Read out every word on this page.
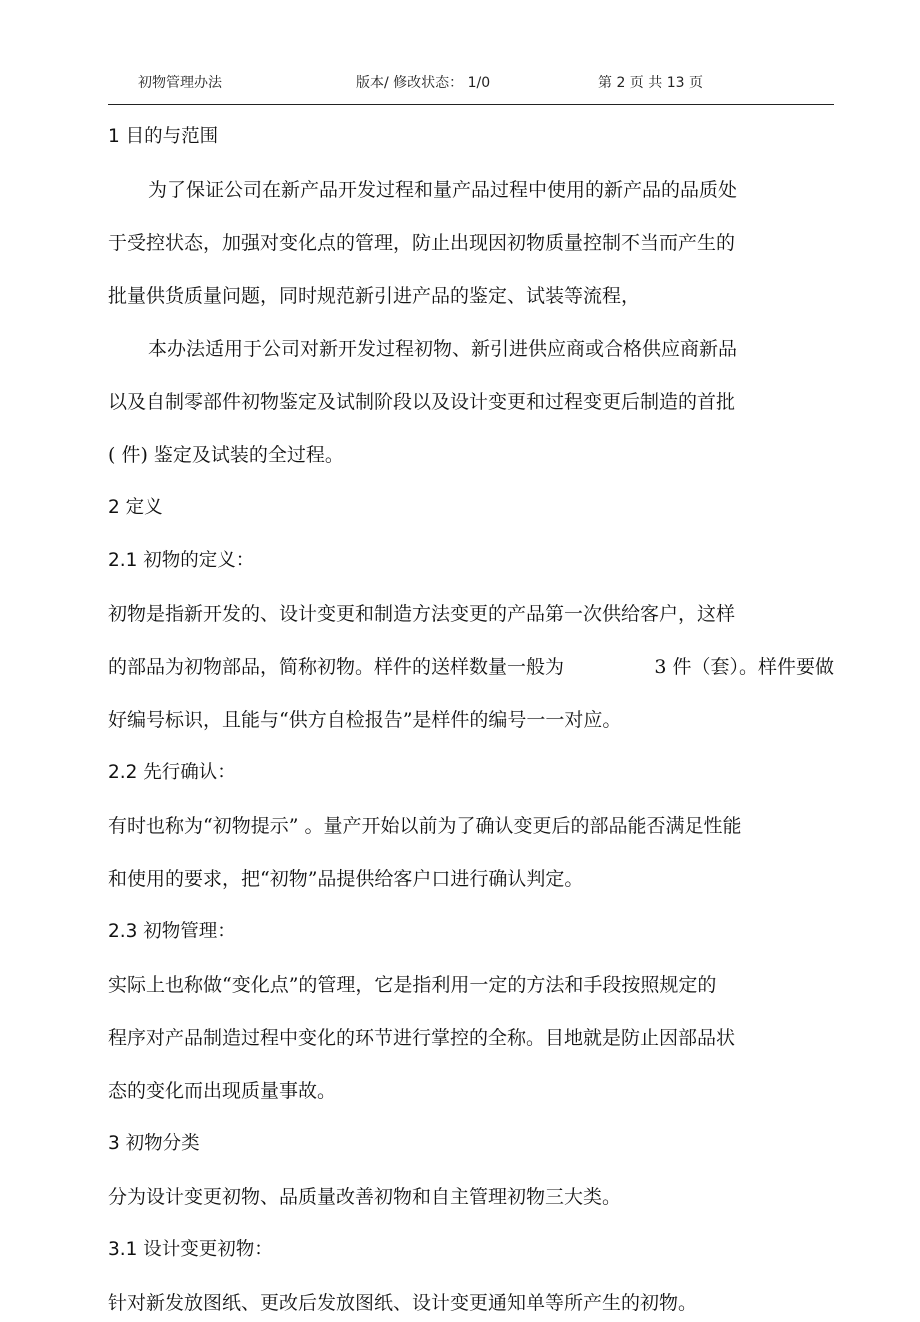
初物管理办法	版本/ 修改状态： 1/0	第 2 页 共 13 页
1 目的与范围
为了保证公司在新产品开发过程和量产品过程中使用的新产品的品质处
于受控状态，加强对变化点的管理，防止出现因初物质量控制不当而产生的
批量供货质量问题，同时规范新引进产品的鉴定、试装等流程，
本办法适用于公司对新开发过程初物、新引进供应商或合格供应商新品
以及自制零部件初物鉴定及试制阶段以及设计变更和过程变更后制造的首批
( 件) 鉴定及试装的全过程。
2 定义
2.1 初物的定义：
初物是指新开发的、设计变更和制造方法变更的产品第一次供给客户，这样
的部品为初物部品，简称初物。样件的送样数量一般为	3 件（套）。样件要做
好编号标识，且能与“供方自检报告”是样件的编号一一对应。
2.2 先行确认：
有时也称为“初物提示” 。量产开始以前为了确认变更后的部品能否满足性能
和使用的要求，把“初物”品提供给客户口进行确认判定。
2.3 初物管理：
实际上也称做“变化点”的管理，它是指利用一定的方法和手段按照规定的
程序对产品制造过程中变化的环节进行掌控的全称。目地就是防止因部品状
态的变化而出现质量事故。
3 初物分类
分为设计变更初物、品质量改善初物和自主管理初物三大类。
3.1 设计变更初物：
针对新发放图纸、更改后发放图纸、设计变更通知单等所产生的初物。
